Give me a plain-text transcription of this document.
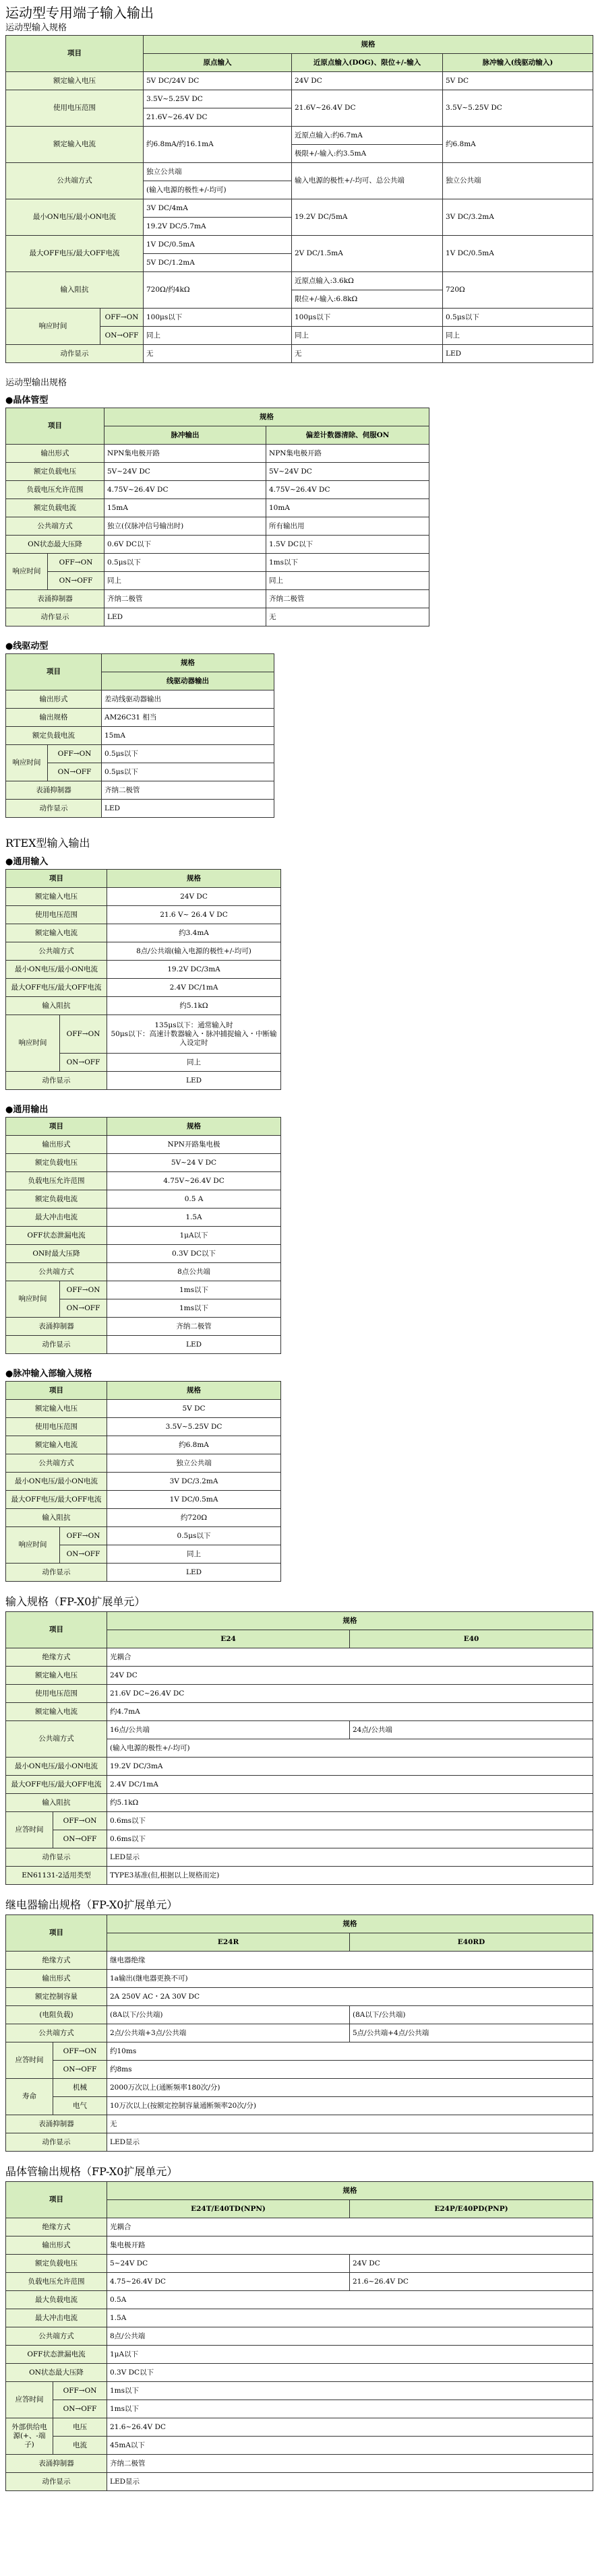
运动型专用端子输入输出
运动型输入规格
项目		规格		
		原点输入	近原点输入(DOG)、限位+/-输入	脉冲输入(线驱动输入)
额定输入电压		5V DC/24V DC	24V DC	5V DC
使用电压范围		3.5V~5.25V DC	21.6V~26.4V DC	3.5V~5.25V DC
		21.6V~26.4V DC		
额定输入电流		约6.8mA/约16.1mA	近原点输入:约6.7mA	约6.8mA
			极限+/-输入:约3.5mA	
公共端方式		独立公共端	输入电源的极性+/-均可、总公共端	独立公共端
		(输入电源的极性+/-均可)		
最小ON电压/最小ON电流		3V DC/4mA	19.2V DC/5mA	3V DC/3.2mA
		19.2V DC/5.7mA		
最大OFF电压/最大OFF电流		1V DC/0.5mA	2V DC/1.5mA	1V DC/0.5mA
		5V DC/1.2mA		
输入阻抗		720Ω/约4kΩ	近原点输入:3.6kΩ	720Ω
			限位+/-输入:6.8kΩ	
响应时间	OFF→ON	100μs以下	100μs以下	0.5μs以下
	ON→OFF	同上	同上	同上
动作显示		无	无	LED
运动型输出规格
●晶体管型
项目		规格	
		脉冲输出	偏差计数器清除、伺服ON
输出形式		NPN集电极开路	NPN集电极开路
额定负载电压		5V~24V DC	5V~24V DC
负载电压允许范围		4.75V~26.4V DC	4.75V~26.4V DC
额定负载电流		15mA	10mA
公共端方式		独立(仅脉冲信号输出时)	所有输出用
ON状态最大压降		0.6V DC以下	1.5V DC以下
响应时间	OFF→ON	0.5μs以下	1ms以下
	ON→OFF	同上	同上
表涌抑制器		齐纳二极管	齐纳二极管
动作显示		LED	无
●线驱动型
项目		规格
		线驱动器输出
输出形式		差动线驱动器输出
输出规格		AM26C31 相当
额定负载电流		15mA
响应时间	OFF→ON	0.5μs以下
	ON→OFF	0.5μs以下
表涌抑制器		齐纳二极管
动作显示		LED
RTEX型输入输出
●通用输入
项目		规格
额定输入电压		24V DC
使用电压范围		21.6 V~ 26.4 V DC
额定输入电流		约3.4mA
公共端方式		8点/公共端(输入电源的极性+/-均可)
最小ON电压/最小ON电流		19.2V DC/3mA
最大OFF电压/最大OFF电流		2.4V DC/1mA
输入阻抗		约5.1kΩ
响应时间	OFF→ON	135μs以下：通常输入时
50μs以下：高速计数器输入・脉冲捕捉输入・中断输入设定时

	ON→OFF	同上
动作显示		LED
●通用输出
项目		规格
输出形式		NPN开路集电极
额定负载电压		5V~24 V DC
负载电压允许范围		4.75V~26.4V DC
额定负载电流		0.5 A
最大冲击电流		1.5A
OFF状态泄漏电流		1μA以下
ON时最大压降		0.3V DC以下
公共端方式		8点公共端
响应时间	OFF→ON	1ms以下
	ON→OFF	1ms以下
表涌抑制器		齐纳二极管
动作显示		LED
●脉冲输入部输入规格
项目		规格
额定输入电压		5V DC
使用电压范围		3.5V~5.25V DC
额定输入电流		约6.8mA
公共端方式		独立公共端
最小ON电压/最小ON电流		3V DC/3.2mA
最大OFF电压/最大OFF电流		1V DC/0.5mA
输入阻抗		约720Ω
响应时间	OFF→ON	0.5μs以下
	ON→OFF	同上
动作显示		LED
输入规格（FP-X0扩展单元）
项目		规格	
		E24	E40
绝缘方式		光耦合	
额定输入电压		24V DC	
使用电压范围		21.6V DC~26.4V DC	
额定输入电流		约4.7mA	
公共端方式		16点/公共端	24点/公共端
		(输入电源的极性+/-均可)	
最小ON电压/最小ON电流		19.2V DC/3mA	
最大OFF电压/最大OFF电流		2.4V DC/1mA	
输入阻抗		约5.1kΩ	
应答时间	OFF→ON	0.6ms以下	
	ON→OFF	0.6ms以下	
动作显示		LED显示	
EN61131-2适用类型		TYPE3基准(但,根据以上规格而定)	
继电器输出规格（FP-X0扩展单元）
项目		规格	
		E24R	E40RD
绝缘方式		继电器绝缘	
输出形式		1a输出(继电器更换不可)	
额定控制容量		2A 250V AC・2A 30V DC	
(电阻负载)		(8A以下/公共端)	(8A以下/公共端)
公共端方式		2点/公共端+3点/公共端	5点/公共端+4点/公共端
应答时间	OFF→ON	约10ms	
	ON→OFF	约8ms	
寿命	机械	2000万次以上(通断频率180次/分)	
	电气	10万次以上(按额定控制容量通断频率20次/分)	
表涌抑制器		无	
动作显示		LED显示	
晶体管输出规格（FP-X0扩展单元）
项目		规格	
		E24T/E40TD(NPN)	E24P/E40PD(PNP)
绝缘方式		光耦合	
输出形式		集电极开路	
额定负载电压		5~24V DC	24V DC
负载电压允许范围		4.75~26.4V DC	21.6~26.4V DC
最大负载电流		0.5A	
最大冲击电流		1.5A	
公共端方式		8点/公共端	
OFF状态泄漏电流		1μA以下	
ON状态最大压降		0.3V DC以下	
应答时间	OFF→ON	1ms以下	
	ON→OFF	1ms以下	
外部供给电源(+、-端子)	电压	21.6~26.4V DC	
	电流	45mA以下	
表涌抑制器		齐纳二极管	
动作显示		LED显示	
